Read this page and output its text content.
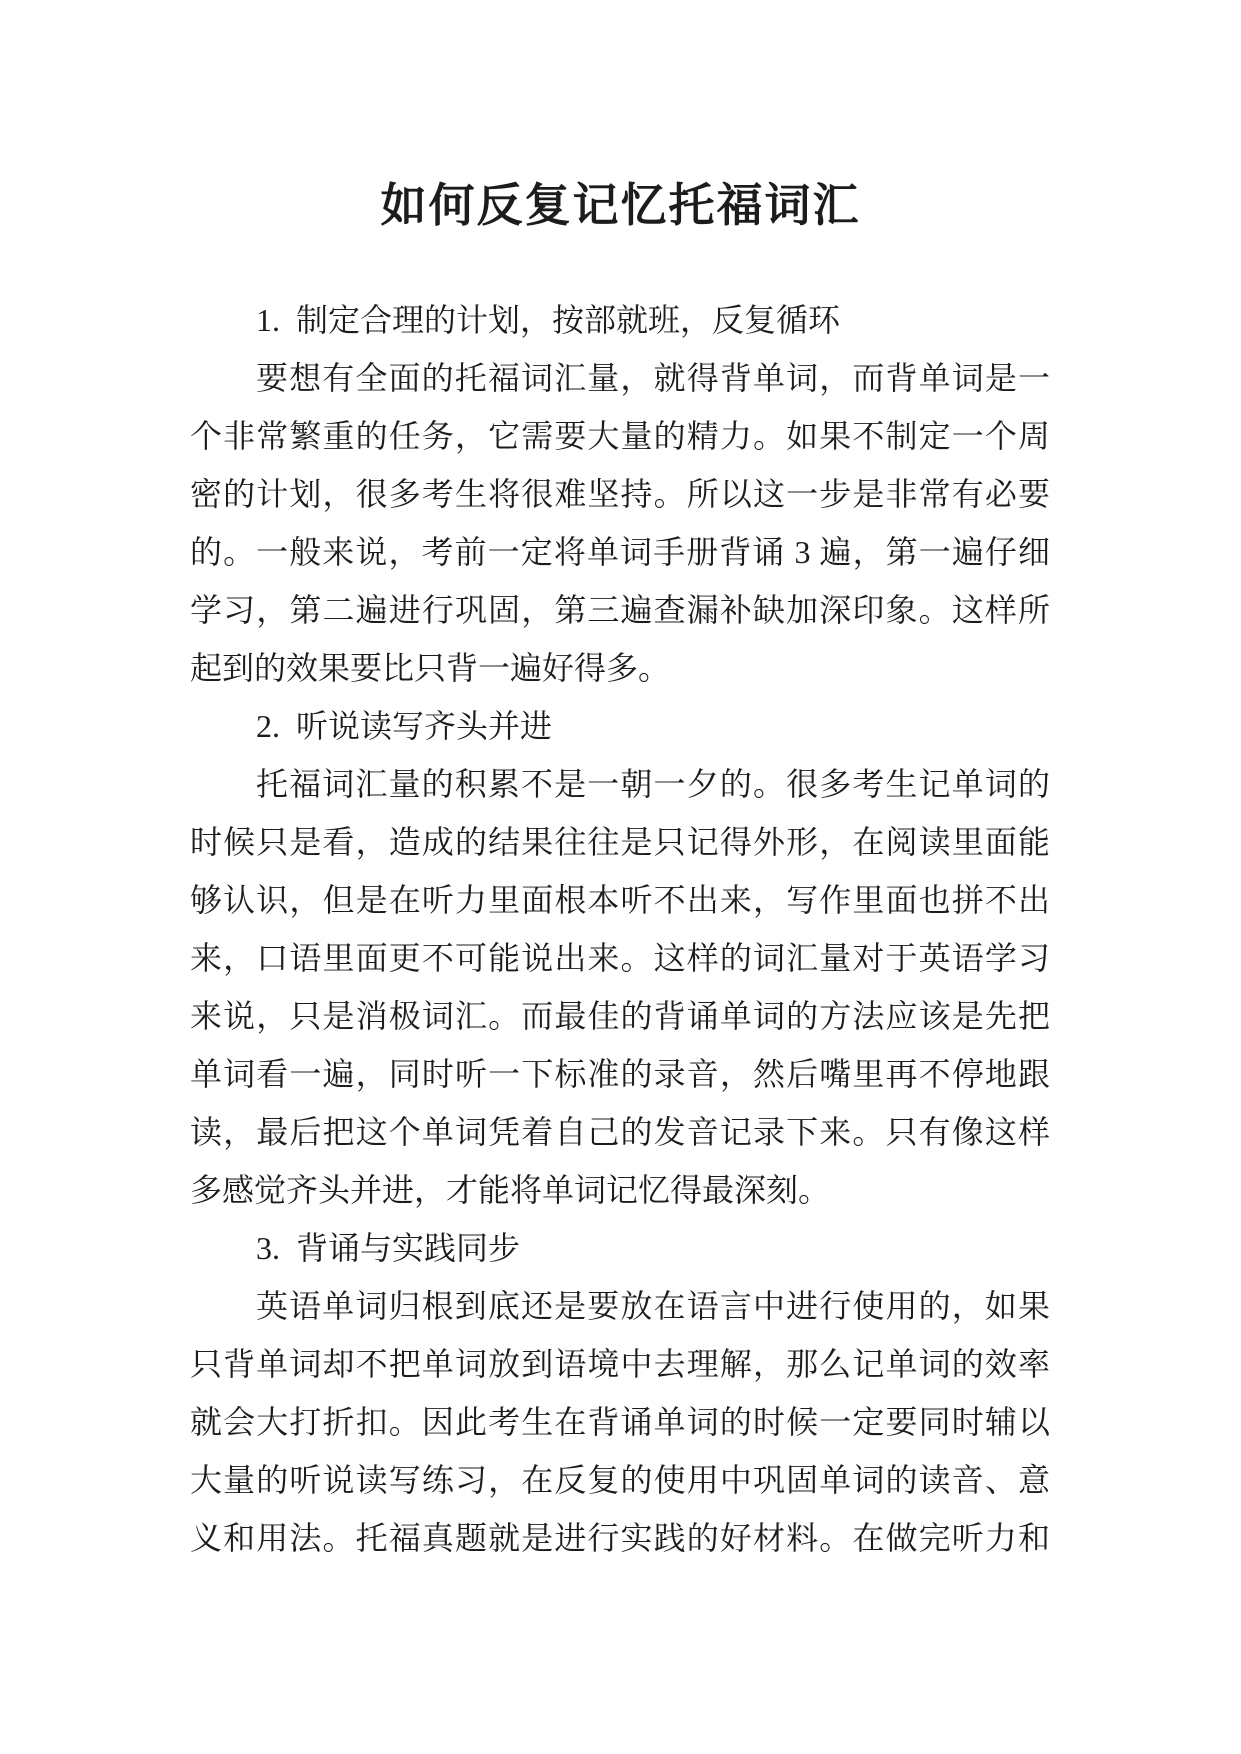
如何反复记忆托福词汇
1.  制定合理的计划，按部就班，反复循环
要想有全面的托福词汇量，就得背单词，而背单词是一
个非常繁重的任务，它需要大量的精力。如果不制定一个周
密的计划，很多考生将很难坚持。所以这一步是非常有必要
的。一般来说，考前一定将单词手册背诵 3 遍，第一遍仔细
学习，第二遍进行巩固，第三遍查漏补缺加深印象。这样所
起到的效果要比只背一遍好得多。
2.  听说读写齐头并进
托福词汇量的积累不是一朝一夕的。很多考生记单词的
时候只是看，造成的结果往往是只记得外形，在阅读里面能
够认识，但是在听力里面根本听不出来，写作里面也拼不出
来，口语里面更不可能说出来。这样的词汇量对于英语学习
来说，只是消极词汇。而最佳的背诵单词的方法应该是先把
单词看一遍，同时听一下标准的录音，然后嘴里再不停地跟
读，最后把这个单词凭着自己的发音记录下来。只有像这样
多感觉齐头并进，才能将单词记忆得最深刻。
3.  背诵与实践同步
英语单词归根到底还是要放在语言中进行使用的，如果
只背单词却不把单词放到语境中去理解，那么记单词的效率
就会大打折扣。因此考生在背诵单词的时候一定要同时辅以
大量的听说读写练习，在反复的使用中巩固单词的读音、意
义和用法。托福真题就是进行实践的好材料。在做完听力和
